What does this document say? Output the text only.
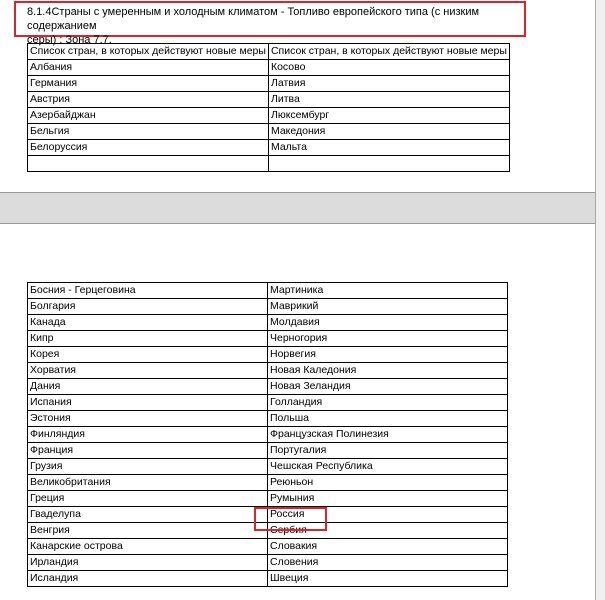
8.1.4Страны с умеренным и холодным климатом - Топливо европейского типа (с низким содержанием
серы) : Зона 7.7.
Список стран, в которых действуют новые меры	Список стран, в которых действуют новые меры
Албания	Косово
Германия	Латвия
Австрия	Литва
Азербайджан	Люксембург
Бельгия	Македония
Белоруссия	Мальта

Босния - Герцеговина	Мартиника
Болгария	Маврикий
Канада	Молдавия
Кипр	Черногория
Корея	Норвегия
Хорватия	Новая Каледония
Дания	Новая Зеландия
Испания	Голландия
Эстония	Польша
Финляндия	Французская Полинезия
Франция	Португалия
Грузия	Чешская Республика
Великобритания	Реюньон
Греция	Румыния
Гваделупа	Россия
Венгрия	Сербия
Канарские острова	Словакия
Ирландия	Словения
Исландия	Швеция
